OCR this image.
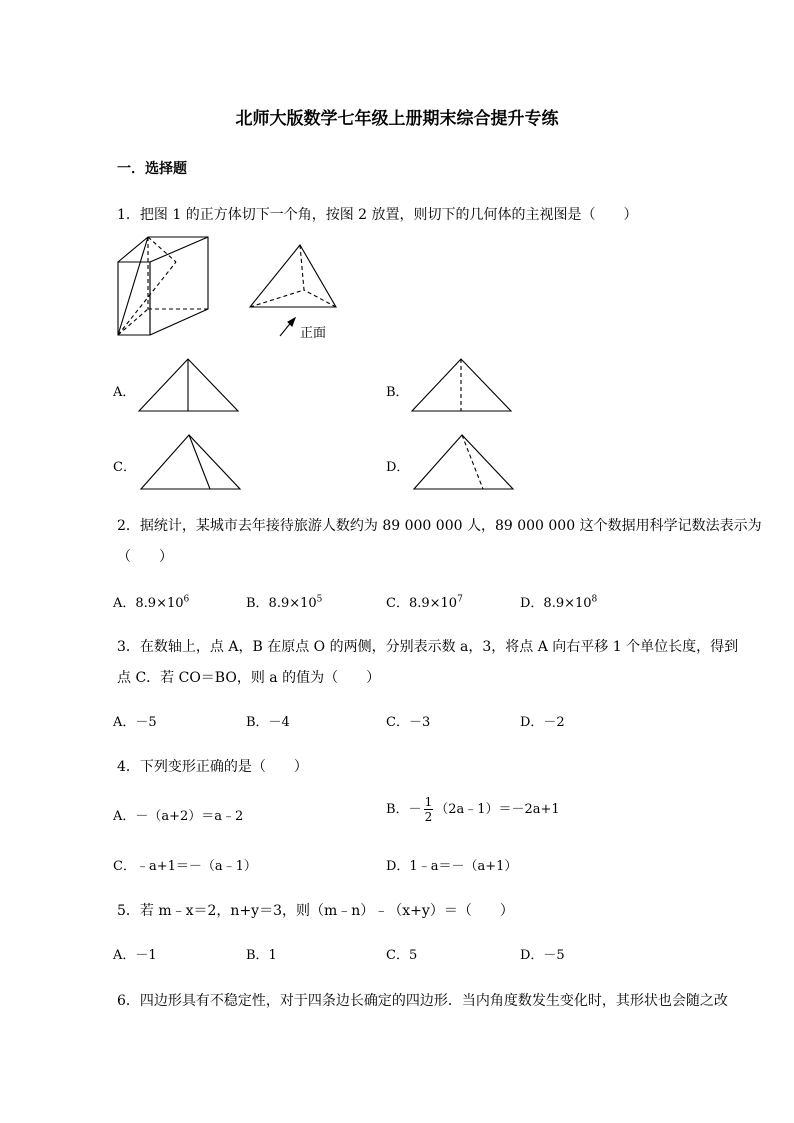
北师大版数学七年级上册期末综合提升专练
一．选择题
1．把图 1 的正方体切下一个角，按图 2 放置，则切下的几何体的主视图是（　　）
正面
A．	B．
C．	D．
2．据统计，某城市去年接待旅游人数约为 89 000 000 人，89 000 000 这个数据用科学记数法表示为
（　　）
A．$8.9\times 10^6$	B．$8.9\times 10^5$	C．$8.9\times 10^7$	D．$8.9\times 10^8$
3．在数轴上，点 A，B 在原点 O 的两侧，分别表示数 a，3，将点 A 向右平移 1 个单位长度，得到
点 C．若 CO＝BO，则 a 的值为（　　）
A．－5	B．－4	C．－3	D．－2
4．下列变形正确的是（　　）
A．－（a+2）＝a﹣2	B．－ $\frac{1}{2}$ （2a﹣1）＝－2a+1
C．﹣a+1＝－（a﹣1）	D．1﹣a＝－（a+1）
5．若 m﹣x＝2，n+y＝3，则（m﹣n）﹣（x+y）＝（　　）
A．－1	B．1	C．5	D．－5
6．四边形具有不稳定性，对于四条边长确定的四边形．当内角度数发生变化时，其形状也会随之改
